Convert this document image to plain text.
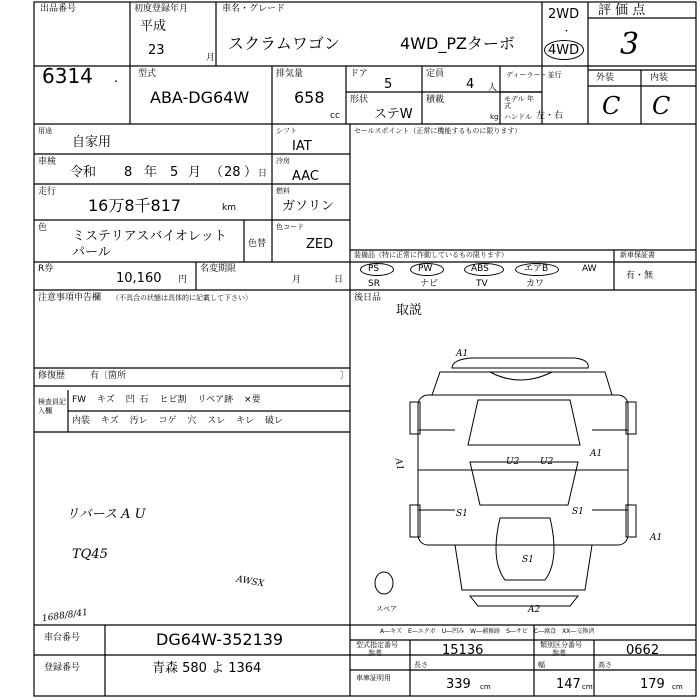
出品番号
6314 .
初度登録年月
平成
23	月
車名・グレード
スクラムワゴン	4WD_PZターボ
2WD
・
4WD
評 価 点
3
外装	内装
C C
型式
ABA-DG64W
排気量
658
cc
ドア
5
定員
4 人
ディーラー・並行
形状
ステW
積載
kg
モデル 年式
ハンドル 左・右
用途
自家用
シフト
IAT
冷房
AAC
燃料
ガソリン
車検
令和 8 年 5 月 （ 28 ） 日
走行
16万8千817	km
色
ミステリアスバイオレット
パール
色替
色コード
ZED
セールスポイント（正常に機能するものに限ります）
R券
10,160 円
名変期限
月	日
装備品（特に正常に作動しているもの限ります）
PS	PW	ABS	エアB	AW
SR	ナビ	TV	カワ
新車保証書
有・無
注意事項申告欄 （不具合の状態は具体的に記載して下さい）	後日品
取説
修復歴	有〔箇所	〕
検査員記入欄
FW キズ 凹 石 ヒビ割 リペア跡 ×要
内装 キズ 汚レ コゲ 穴 スレ キレ 破レ
リバース A U
TQ45
AWSX
1688/8/41
A1
U2 U2
A1
S1	S1
S1
A2
A1
A1
スペア
A―キズ　E―エクボ　U―凹み　W―補修跡　S―サビ　C―腐食　XX―交換済
車台番号	DG64W-352139
登録番号	青森 580 よ 1364
型式指定番号
参考	15136	類別区分番号
参考	0662
車庫証明用
長さ
339 cm
幅
147 cm
高さ
179 cm
